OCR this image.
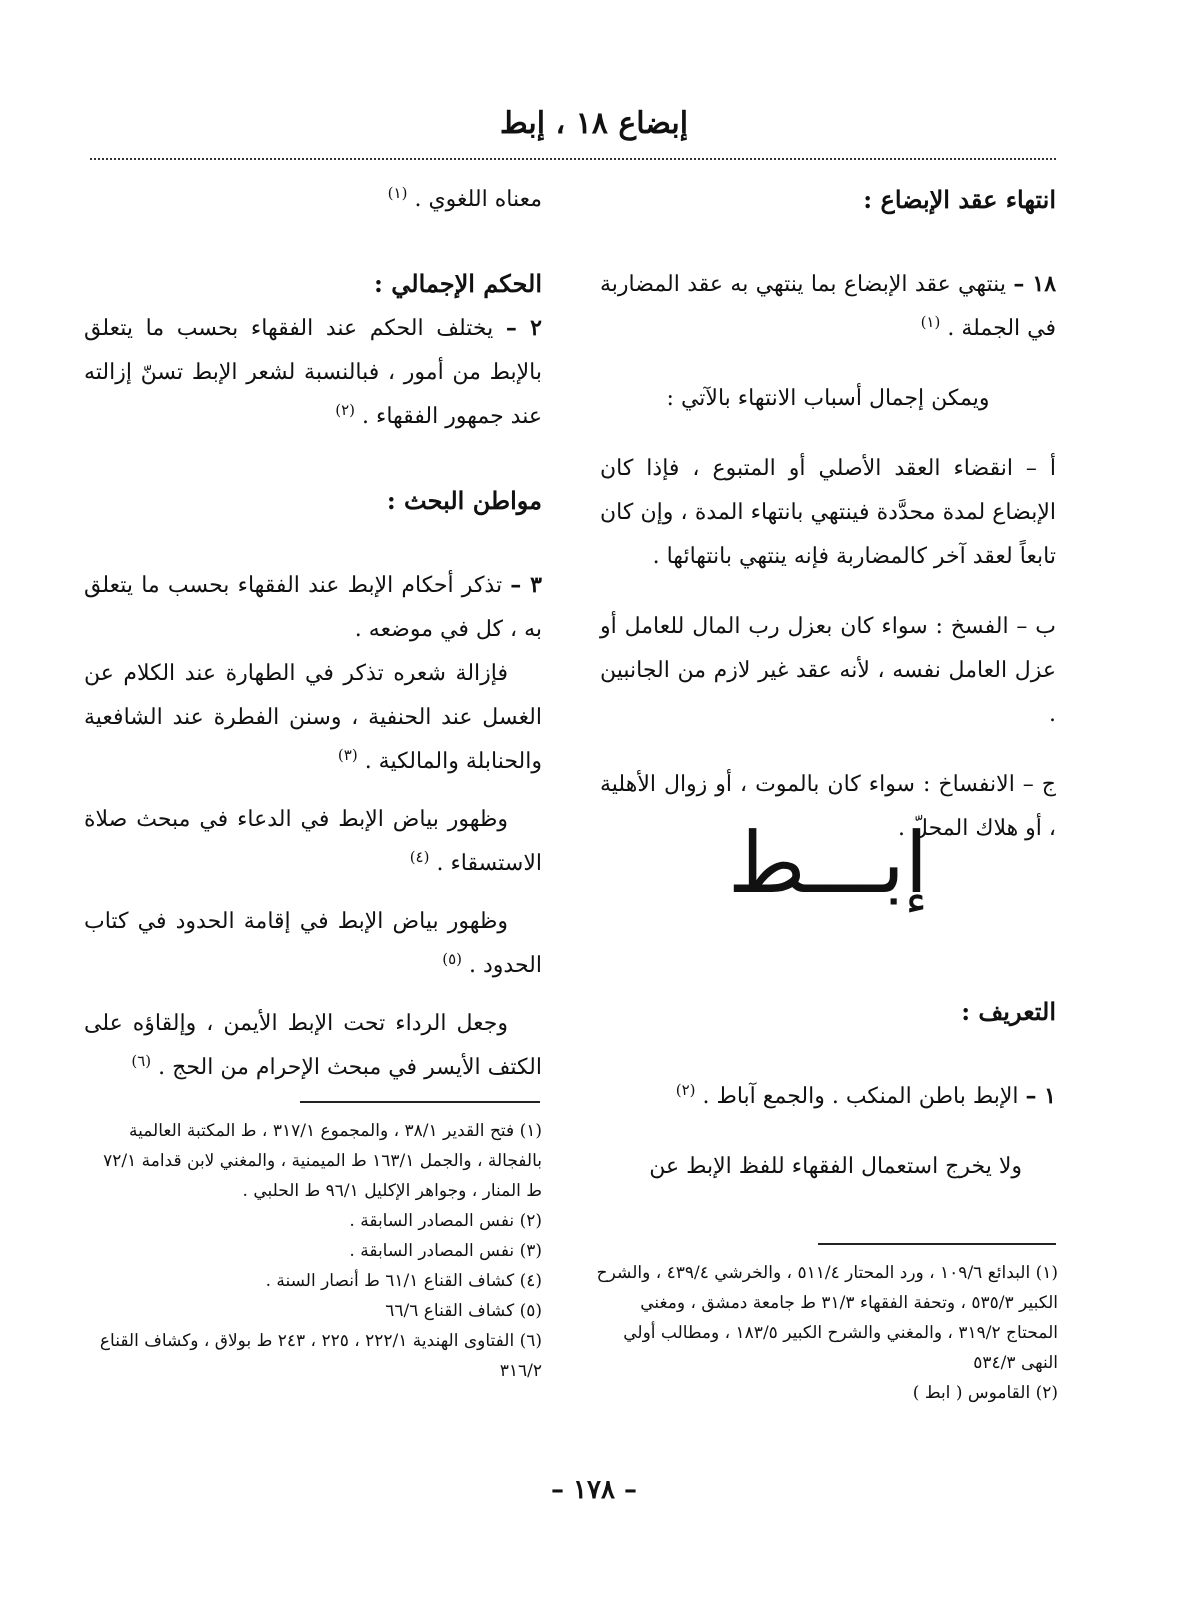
إبضاع ١٨ ، إبط
انتهاء عقد الإبضاع :

١٨ – ينتهي عقد الإبضاع بما ينتهي به عقد المضاربة في الجملة . $^{(١)}$

ويمكن إجمال أسباب الانتهاء بالآتي :

أ – انقضاء العقد الأصلي أو المتبوع ، فإذا كان الإبضاع لمدة محدَّدة فينتهي بانتهاء المدة ، وإن كان تابعاً لعقد آخر كالمضاربة فإنه ينتهي بانتهائها .

ب – الفسخ : سواء كان بعزل رب المال للعامل أو عزل العامل نفسه ، لأنه عقد غير لازم من الجانبين .

ج – الانفساخ : سواء كان بالموت ، أو زوال الأهلية ، أو هلاك المحلّ .

إبـــط
التعريف :

١ – الإبط باطن المنكب . والجمع آباط . $^{(٢)}$

ولا يخرج استعمال الفقهاء للفظ الإبط عن

(١) البدائع ١٠٩/٦ ، ورد المحتار ٥١١/٤ ، والخرشي ٤٣٩/٤ ، والشرح الكبير ٥٣٥/٣ ، وتحفة الفقهاء ٣١/٣ ط جامعة دمشق ، ومغني المحتاج ٣١٩/٢ ، والمغني والشرح الكبير ١٨٣/٥ ، ومطالب أولي النهى ٥٣٤/٣

(٢) القاموس ( ابط )

معناه اللغوي . $^{(١)}$

الحكم الإجمالي :

٢ – يختلف الحكم عند الفقهاء بحسب ما يتعلق بالإبط من أمور ، فبالنسبة لشعر الإبط تسنّ إزالته عند جمهور الفقهاء . $^{(٢)}$

مواطن البحث :

٣ – تذكر أحكام الإبط عند الفقهاء بحسب ما يتعلق به ، كل في موضعه .

فإزالة شعره تذكر في الطهارة عند الكلام عن الغسل عند الحنفية ، وسنن الفطرة عند الشافعية والحنابلة والمالكية . $^{(٣)}$

وظهور بياض الإبط في الدعاء في مبحث صلاة الاستسقاء . $^{(٤)}$

وظهور بياض الإبط في إقامة الحدود في كتاب الحدود . $^{(٥)}$

وجعل الرداء تحت الإبط الأيمن ، وإلقاؤه على الكتف الأيسر في مبحث الإحرام من الحج . $^{(٦)}$

(١) فتح القدير ٣٨/١ ، والمجموع ٣١٧/١ ، ط المكتبة العالمية بالفجالة ، والجمل ١٦٣/١ ط الميمنية ، والمغني لابن قدامة ٧٢/١ ط المنار ، وجواهر الإكليل ٩٦/١ ط الحلبي .

(٢) نفس المصادر السابقة .

(٣) نفس المصادر السابقة .

(٤) كشاف القناع ٦١/١ ط أنصار السنة .

(٥) كشاف القناع ٦٦/٦

(٦) الفتاوى الهندية ٢٢٢/١ ، ٢٢٥ ، ٢٤٣ ط بولاق ، وكشاف القناع ٣١٦/٢

– ١٧٨ –
